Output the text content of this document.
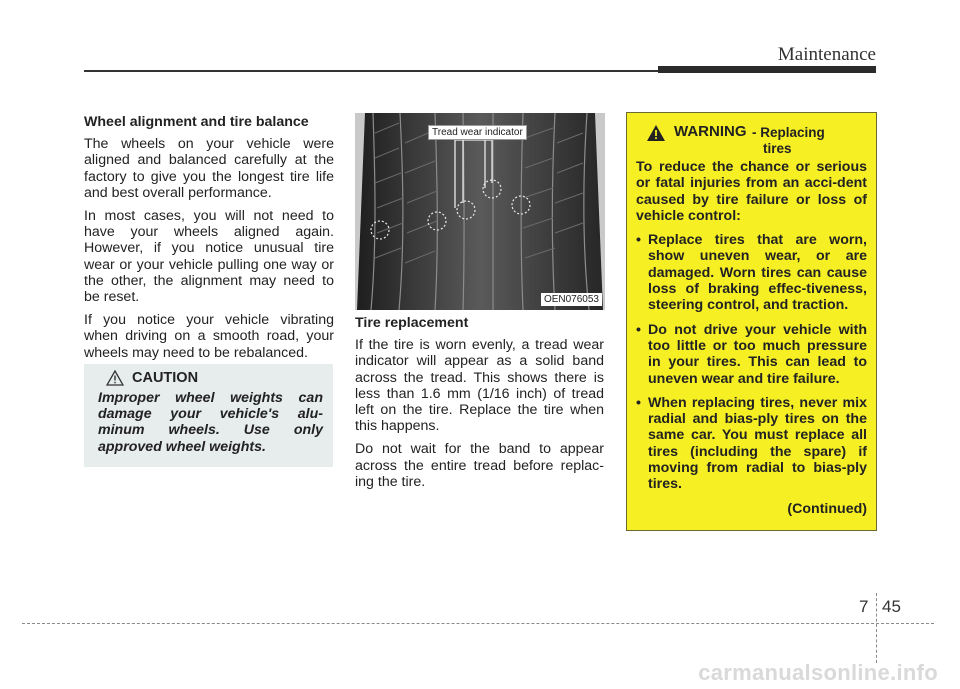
Maintenance
Wheel alignment and tire balance

The wheels on your vehicle were aligned and balanced carefully at the factory to give you the longest tire life and best overall performance.

In most cases, you will not need to have your wheels aligned again. However, if you notice unusual tire wear or your vehicle pulling one way or the other, the alignment may need to be reset.

If you notice your vehicle vibrating when driving on a smooth road, your wheels may need to be rebalanced.

CAUTION
Improper wheel weights can damage your vehicle's alu-minum wheels. Use only approved wheel weights.
Tread wear indicator
OEN076053
Tire replacement

If the tire is worn evenly, a tread wear indicator will appear as a solid band across the tread. This shows there is less than 1.6 mm (1/16 inch) of tread left on the tire. Replace the tire when this happens.

Do not wait for the band to appear across the entire tread before replac-ing the tire.

WARNING - Replacing
tires

To reduce the chance or serious or fatal injuries from an acci-dent caused by tire failure or loss of vehicle control:

• Replace tires that are worn, show uneven wear, or are damaged. Worn tires can cause loss of braking effec-tiveness, steering control, and traction.
• Do not drive your vehicle with too little or too much pressure in your tires. This can lead to uneven wear and tire failure.
• When replacing tires, never mix radial and bias-ply tires on the same car. You must replace all tires (including the spare) if moving from radial to bias-ply tires.
(Continued)
7 45
carmanualsonline.info
